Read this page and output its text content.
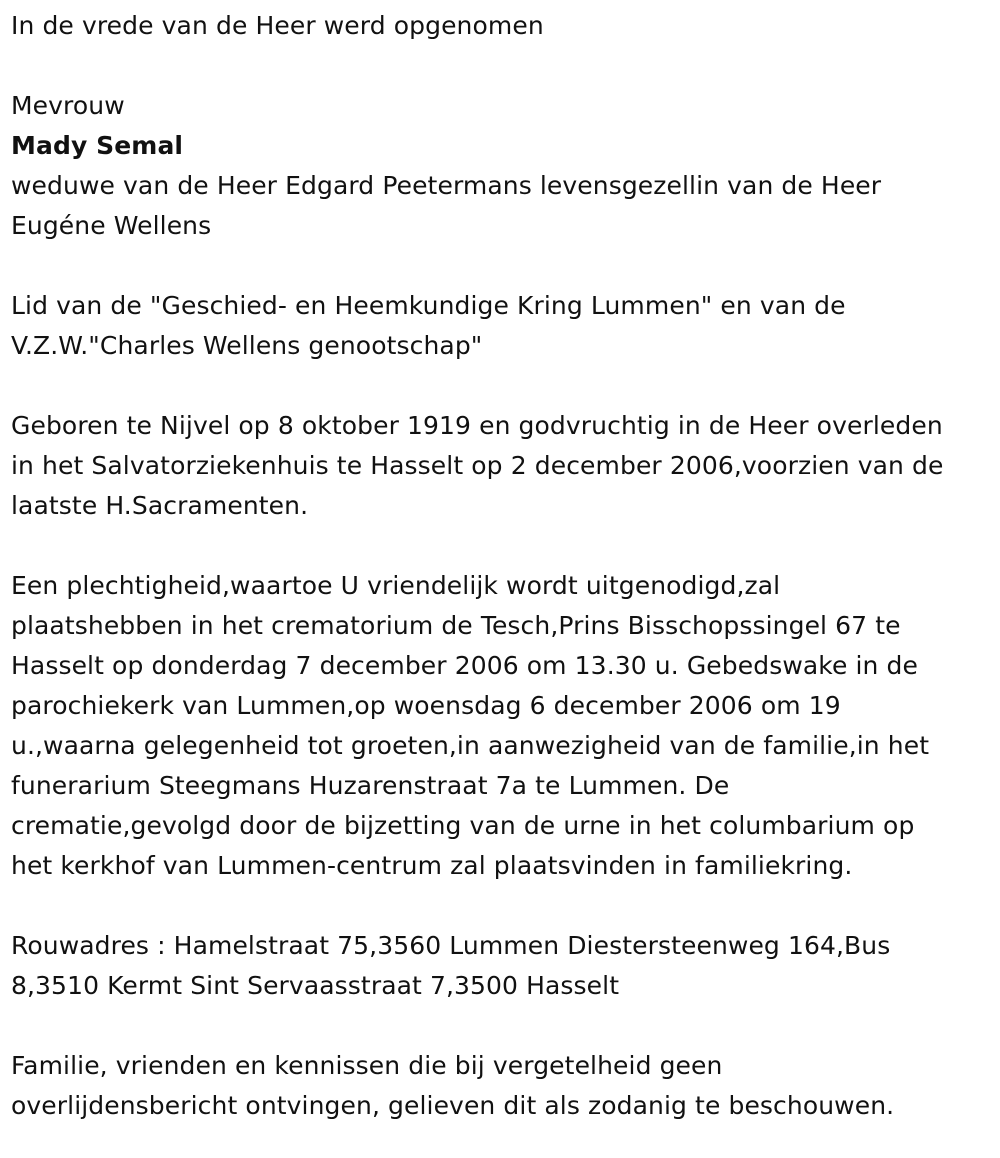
In de vrede van de Heer werd opgenomen
Mevrouw
Mady Semal
weduwe van de Heer Edgard Peetermans levensgezellin van de Heer
Eugéne Wellens
Lid van de "Geschied- en Heemkundige Kring Lummen" en van de
V.Z.W."Charles Wellens genootschap"
Geboren te Nijvel op 8 oktober 1919 en godvruchtig in de Heer overleden
in het Salvatorziekenhuis te Hasselt op 2 december 2006,voorzien van de
laatste H.Sacramenten.
Een plechtigheid,waartoe U vriendelijk wordt uitgenodigd,zal
plaatshebben in het crematorium de Tesch,Prins Bisschopssingel 67 te
Hasselt op donderdag 7 december 2006 om 13.30 u. Gebedswake in de
parochiekerk van Lummen,op woensdag 6 december 2006 om 19
u.,waarna gelegenheid tot groeten,in aanwezigheid van de familie,in het
funerarium Steegmans Huzarenstraat 7a te Lummen. De
crematie,gevolgd door de bijzetting van de urne in het columbarium op
het kerkhof van Lummen-centrum zal plaatsvinden in familiekring.
Rouwadres : Hamelstraat 75,3560 Lummen Diestersteenweg 164,Bus
8,3510 Kermt Sint Servaasstraat 7,3500 Hasselt
Familie, vrienden en kennissen die bij vergetelheid geen
overlijdensbericht ontvingen, gelieven dit als zodanig te beschouwen.
